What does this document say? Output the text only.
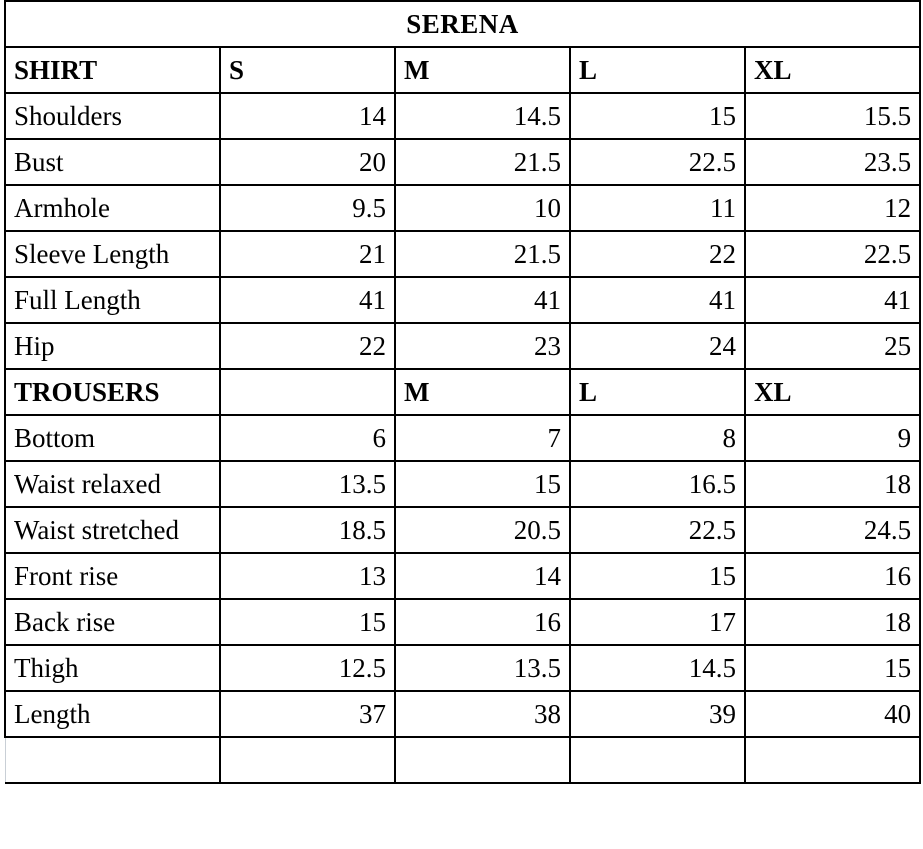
SERENA				
SHIRT	S	M	L	XL
Shoulders	14	14.5	15	15.5
Bust	20	21.5	22.5	23.5
Armhole	9.5	10	11	12
Sleeve Length	21	21.5	22	22.5
Full Length	41	41	41	41
Hip	22	23	24	25
TROUSERS		M	L	XL
Bottom	6	7	8	9
Waist relaxed	13.5	15	16.5	18
Waist stretched	18.5	20.5	22.5	24.5
Front rise	13	14	15	16
Back rise	15	16	17	18
Thigh	12.5	13.5	14.5	15
Length	37	38	39	40
